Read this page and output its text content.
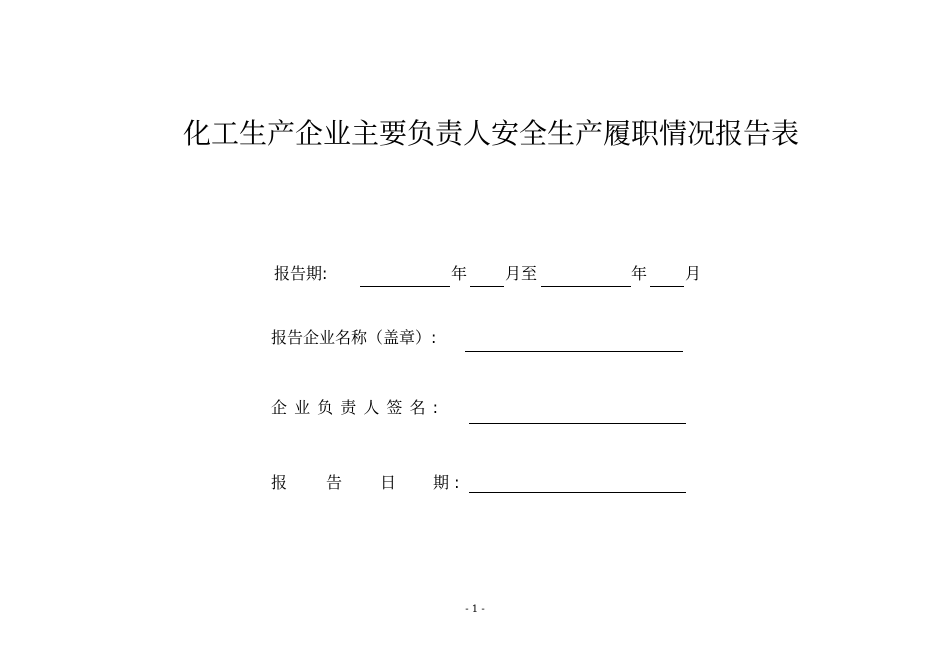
化工生产企业主要负责人安全生产履职情况报告表
报告期:	年 月至	年 月
报告企业名称（盖章）:
企 业 负 责 人 签 名 :
报 告 日 期 :
- 1 -
